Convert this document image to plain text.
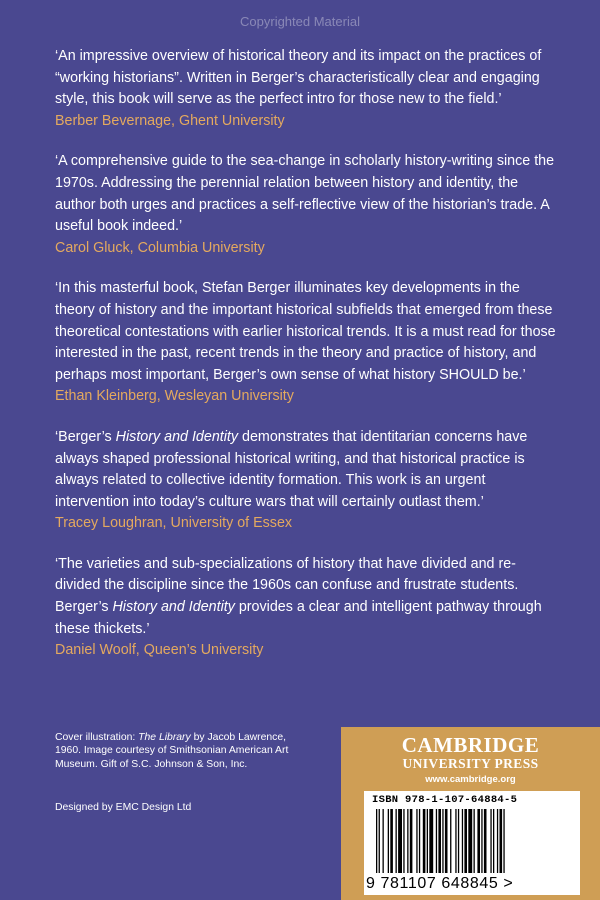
Copyrighted Material

‘An impressive overview of historical theory and its impact on the practices of “working historians”. Written in Berger’s characteristically clear and engaging style, this book will serve as the perfect intro for those new to the field.’

Berber Bevernage, Ghent University

‘A comprehensive guide to the sea-change in scholarly history-writing since the 1970s. Addressing the perennial relation between history and identity, the author both urges and practices a self-reflective view of the historian’s trade. A useful book indeed.’

Carol Gluck, Columbia University

‘In this masterful book, Stefan Berger illuminates key developments in the theory of history and the important historical subfields that emerged from these theoretical contestations with earlier historical trends. It is a must read for those interested in the past, recent trends in the theory and practice of history, and perhaps most important, Berger’s own sense of what history SHOULD be.’

Ethan Kleinberg, Wesleyan University

‘Berger’s History and Identity demonstrates that identitarian concerns have always shaped professional historical writing, and that historical practice is always related to collective identity formation. This work is an urgent intervention into today’s culture wars that will certainly outlast them.’

Tracey Loughran, University of Essex

‘The varieties and sub-specializations of history that have divided and re-divided the discipline since the 1960s can confuse and frustrate students. Berger’s History and Identity provides a clear and intelligent pathway through these thickets.’

Daniel Woolf, Queen’s University

Cover illustration: The Library by Jacob Lawrence, 1960. Image courtesy of Smithsonian American Art Museum. Gift of S.C. Johnson & Son, Inc.
Designed by EMC Design Ltd
CAMBRIDGE
UNIVERSITY PRESS
www.cambridge.org
ISBN 978-1-107-64884-5
9 781107 648845 >
